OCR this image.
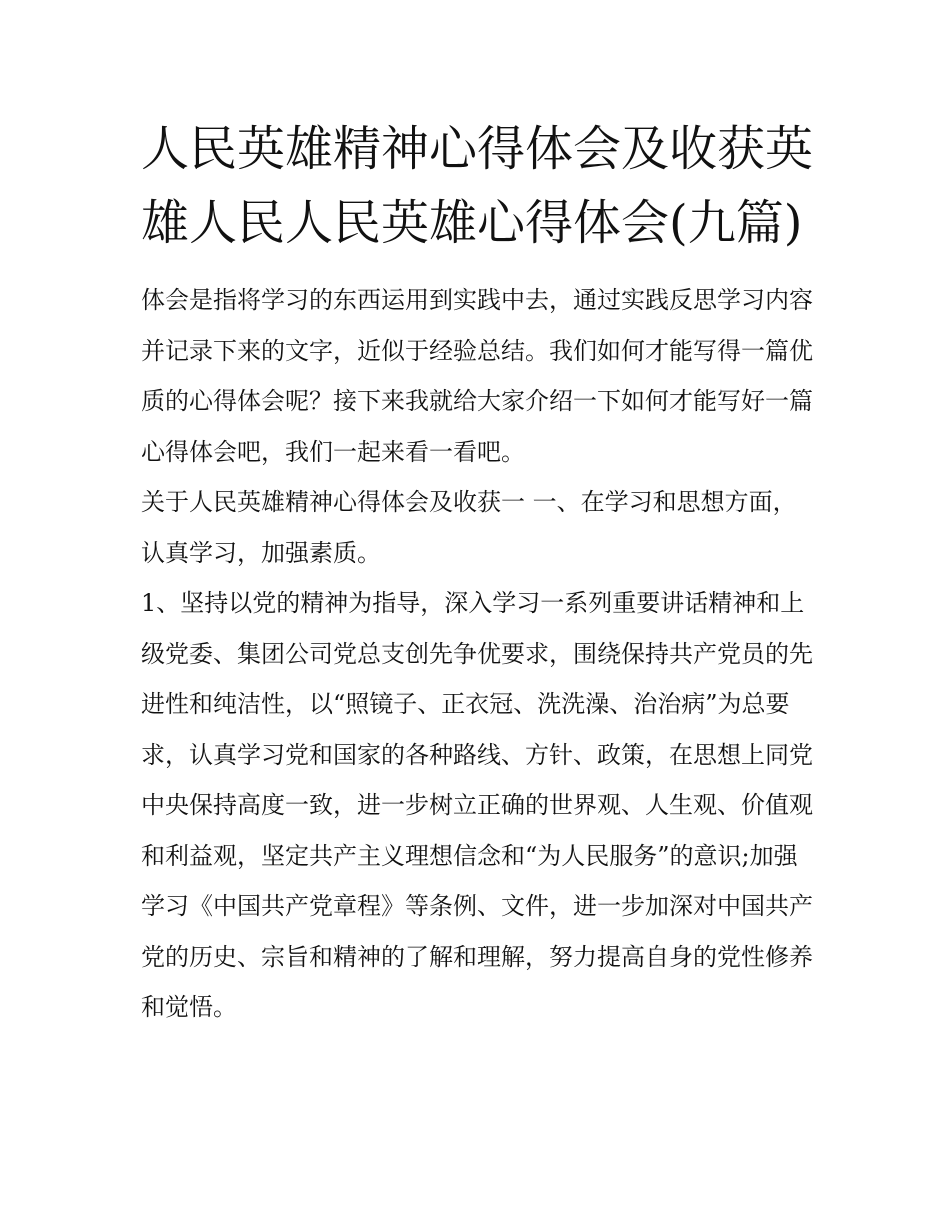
人民英雄精神心得体会及收获英雄人民人民英雄心得体会(九篇)

体会是指将学习的东西运用到实践中去，通过实践反思学习内容并记录下来的文字，近似于经验总结。我们如何才能写得一篇优质的心得体会呢？接下来我就给大家介绍一下如何才能写好一篇心得体会吧，我们一起来看一看吧。

关于人民英雄精神心得体会及收获一 一、在学习和思想方面，认真学习，加强素质。

1、坚持以党的精神为指导，深入学习一系列重要讲话精神和上级党委、集团公司党总支创先争优要求，围绕保持共产党员的先进性和纯洁性，以“照镜子、正衣冠、洗洗澡、治治病”为总要求，认真学习党和国家的各种路线、方针、政策，在思想上同党中央保持高度一致，进一步树立正确的世界观、人生观、价值观和利益观，坚定共产主义理想信念和“为人民服务”的意识;加强学习《中国共产党章程》等条例、文件，进一步加深对中国共产党的历史、宗旨和精神的了解和理解，努力提高自身的党性修养和觉悟。
